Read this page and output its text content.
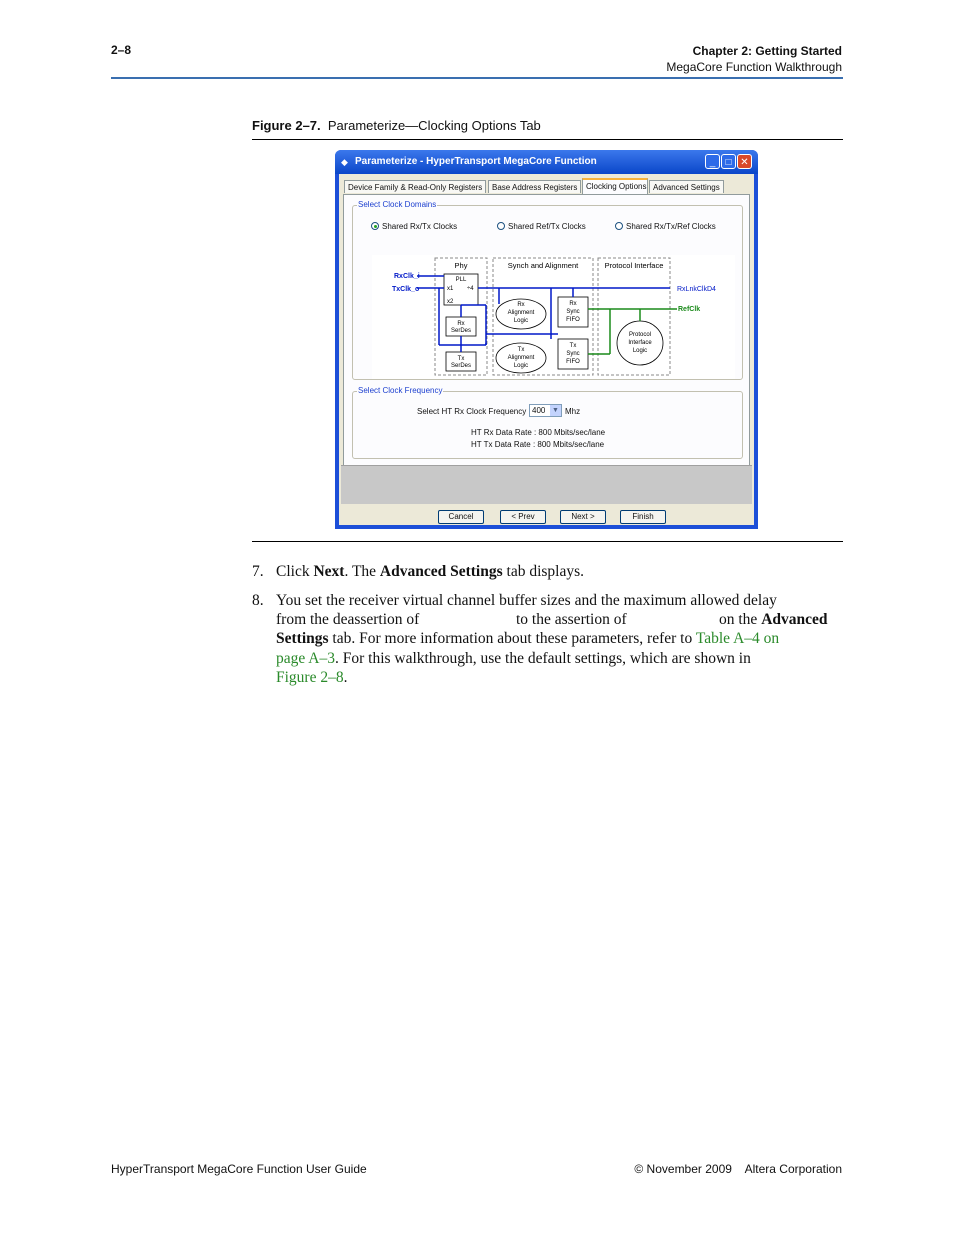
2–8	Chapter 2: Getting Started
MegaCore Function Walkthrough
Figure 2–7. Parameterize—Clocking Options Tab
◆ Parameterize - HyperTransport MegaCore Function	_	□ ✕
Device Family & Read-Only Registers	Base Address Registers	Clocking Options Advanced Settings
Select Clock Domains
Shared Rx/Tx Clocks	Shared Ref/Tx Clocks	Shared Rx/Tx/Ref Clocks
Phy	Synch and Alignment	Protocol Interface
PLL
x1 ÷4
x2
Rx
SerDes
Tx
SerDes
Rx
Alignment
Logic
Tx
Alignment
Logic
Rx
Sync
FIFO
Tx
Sync
FIFO
Protocol
Interface
Logic
RxClk_i
TxClk_o	RxLnkClkD4
RefClk
Select Clock Frequency
Select HT Rx Clock Frequency 400 ▼ Mhz
HT Rx Data Rate : 800 Mbits/sec/lane
HT Tx Data Rate : 800 Mbits/sec/lane
Cancel	< Prev	Next >	Finish
7. Click Next. The Advanced Settings tab displays.
8. You set the receiver virtual channel buffer sizes and the maximum allowed delay
from the deassertion of	to the assertion of	on the Advanced
Settings tab. For more information about these parameters, refer to Table A–4 on
page A–3. For this walkthrough, use the default settings, which are shown in
Figure 2–8.
HyperTransport MegaCore Function User Guide	© November 2009    Altera Corporation
